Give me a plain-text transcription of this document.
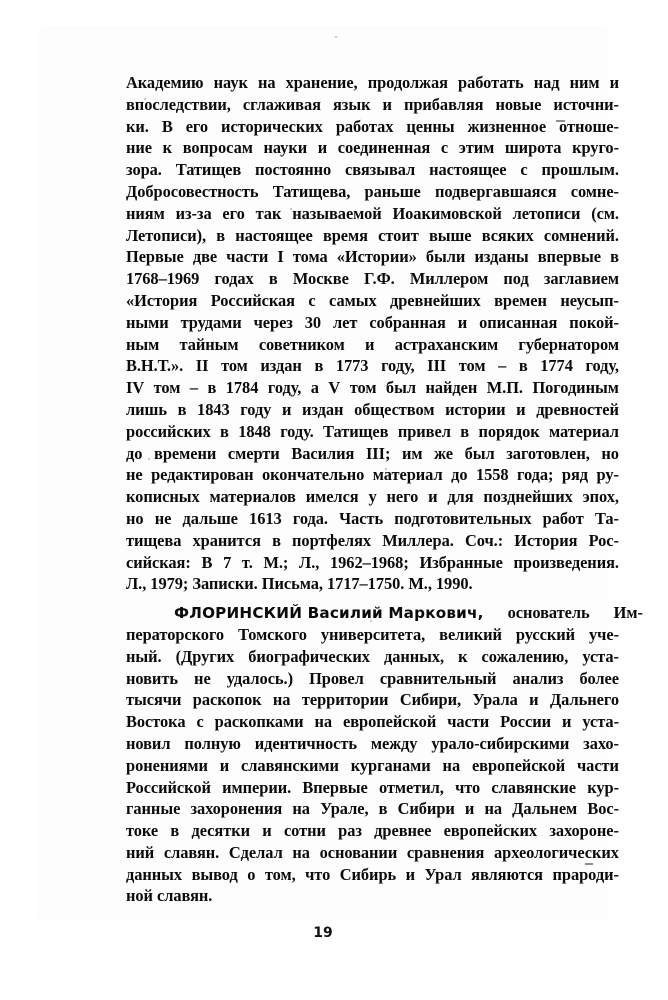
Академию наук на хранение, продолжая работать над ним и
впоследствии, сглаживая язык и прибавляя новые источни-
ки. В его исторических работах ценны жизненное отноше-
ние к вопросам науки и соединенная с этим широта круго-
зора. Татищев постоянно связывал настоящее с прошлым.
Добросовестность Татищева, раньше подвергавшаяся сомне-
ниям из-за его так называемой Иоакимовской летописи (см.
Летописи), в настоящее время стоит выше всяких сомнений.
Первые две части I тома «Истории» были изданы впервые в
1768–1969 годах в Москве Г.Ф. Миллером под заглавием
«История Российская с самых древнейших времен неусып-
ными трудами через 30 лет собранная и описанная покой-
ным тайным советником и астраханским губернатором
В.Н.Т.». II том издан в 1773 году, III том – в 1774 году,
IV том – в 1784 году, а V том был найден М.П. Погодиным
лишь в 1843 году и издан обществом истории и древностей
российских в 1848 году. Татищев привел в порядок материал
до времени смерти Василия III; им же был заготовлен, но
не редактирован окончательно материал до 1558 года; ряд ру-
кописных материалов имелся у него и для позднейших эпох,
но не дальше 1613 года. Часть подготовительных работ Та-
тищева хранится в портфелях Миллера. Соч.: История Рос-
сийская: В 7 т. М.; Л., 1962–1968; Избранные произведения.
Л., 1979; Записки. Письма, 1717–1750. М., 1990.

ФЛОРИНСКИЙ Василий Маркович,	основатель	Им-
ператорского Томского университета, великий русский уче-
ный. (Других биографических данных, к сожалению, уста-
новить не удалось.) Провел сравнительный анализ более
тысячи раскопок на территории Сибири, Урала и Дальнего
Востока с раскопками на европейской части России и уста-
новил полную идентичность между урало-сибирскими захо-
ронениями и славянскими курганами на европейской части
Российской империи. Впервые отметил, что славянские кур-
ганные захоронения на Урале, в Сибири и на Дальнем Вос-
токе в десятки и сотни раз древнее европейских захороне-
ний славян. Сделал на основании сравнения археологических
данных вывод о том, что Сибирь и Урал являются прароди-
ной славян.

19
